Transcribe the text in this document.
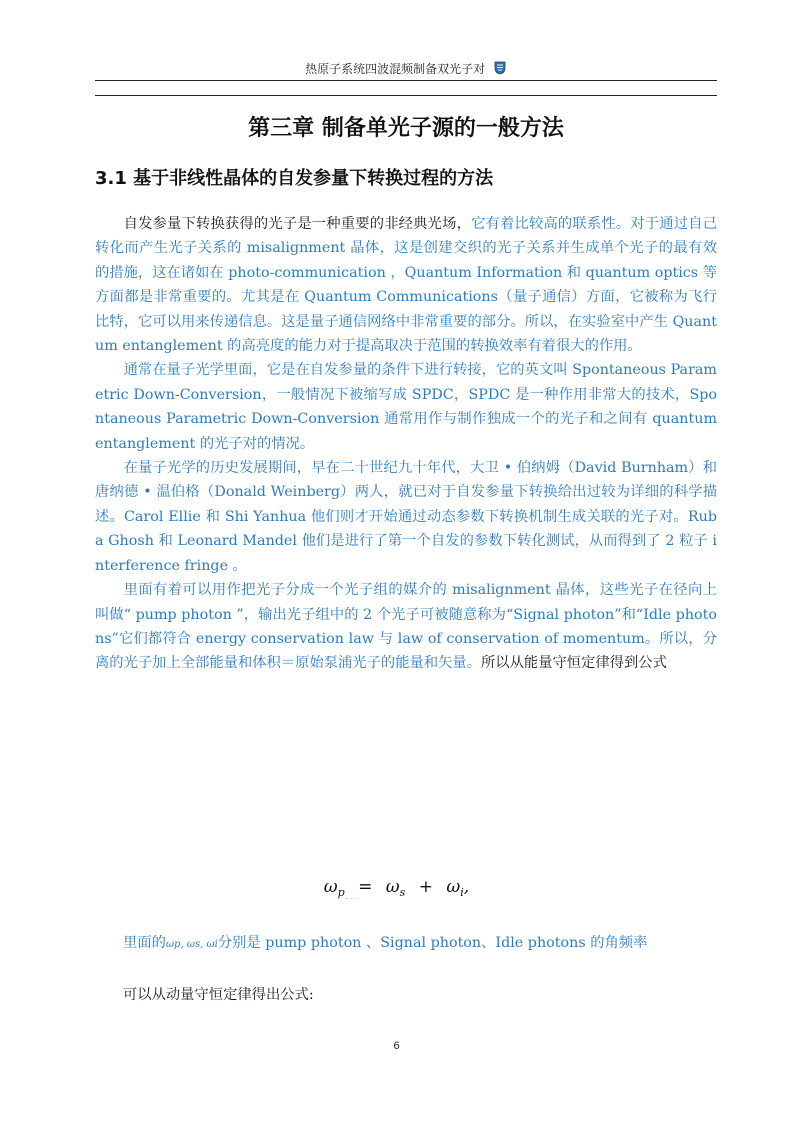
热原子系统四波混频制备双光子对
第三章 制备单光子源的一般方法
3.1 基于非线性晶体的自发参量下转换过程的方法

自发参量下转换获得的光子是一种重要的非经典光场，它有着比较高的联系性。对于通过自己转化而产生光子关系的 misalignment 晶体，这是创建交织的光子关系并生成单个光子的最有效的措施，这在诸如在 photo-communication ，Quantum Information 和 quantum optics 等方面都是非常重要的。尤其是在 Quantum Communications（量子通信）方面，它被称为飞行比特，它可以用来传递信息。这是量子通信网络中非常重要的部分。所以，在实验室中产生 Quantum entanglement 的高亮度的能力对于提高取决于范围的转换效率有着很大的作用。

通常在量子光学里面，它是在自发参量的条件下进行转接，它的英文叫 Spontaneous Parametric Down-Conversion，一般情况下被缩写成 SPDC，SPDC 是一种作用非常大的技术，Spontaneous Parametric Down-Conversion 通常用作与制作独成一个的光子和之间有 quantum entanglement 的光子对的情况。

在量子光学的历史发展期间，早在二十世纪九十年代，大卫 • 伯纳姆（David Burnham）和唐纳德 • 温伯格（Donald Weinberg）两人，就已对于自发参量下转换给出过较为详细的科学描述。Carol Ellie 和 Shi Yanhua 他们则才开始通过动态参数下转换机制生成关联的光子对。Ruba Ghosh 和 Leonard Mandel 他们是进行了第一个自发的参数下转化测试，从而得到了 2 粒子 interference fringe 。

里面有着可以用作把光子分成一个光子组的媒介的 misalignment 晶体，这些光子在径向上叫做“ pump photon ”，输出光子组中的 2 个光子可被随意称为“Signal photon”和“Idle photons”它们都符合 energy conservation law 与 law of conservation of momentum。所以，分离的光子加上全部能量和体积＝原始泵浦光子的能量和矢量。所以从能量守恒定律得到公式

$\omega_p = \omega_s + \omega_i$,
- - -
里面的ωp, ωs, ωi分别是 pump photon 、Signal photon、Idle photons 的角频率
可以从动量守恒定律得出公式:
6
